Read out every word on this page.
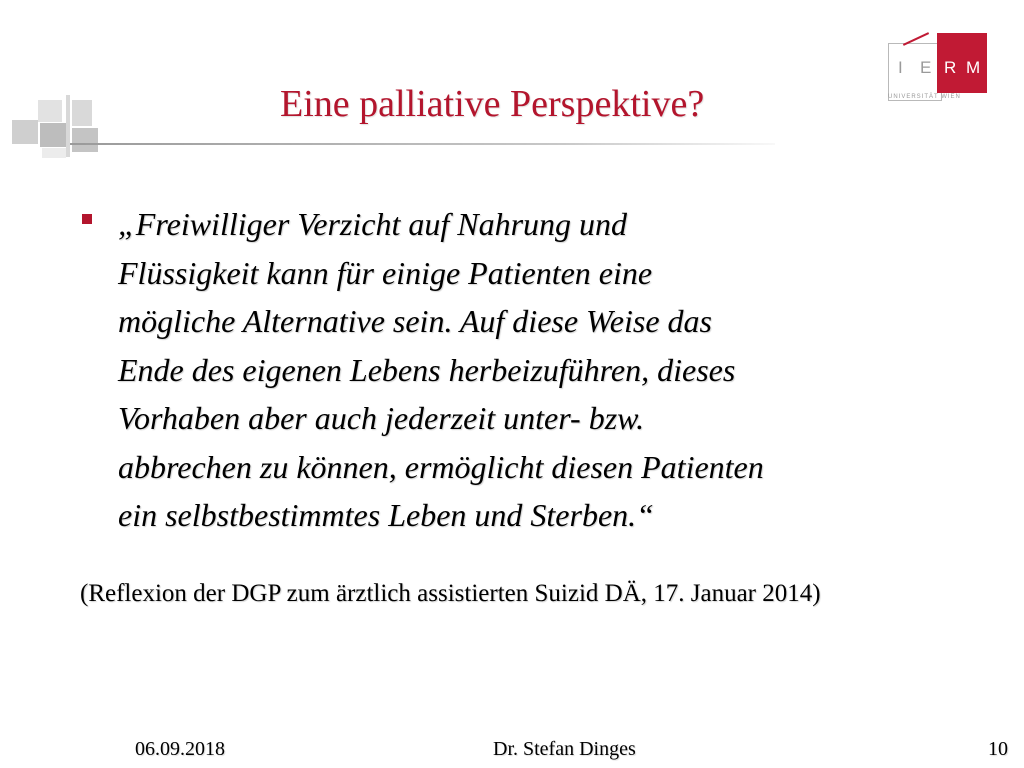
Eine palliative Perspektive?
I E R M
UNIVERSITÄT WIEN

„Freiwilliger Verzicht auf Nahrung und
Flüssigkeit kann für einige Patienten eine
mögliche Alternative sein. Auf diese Weise das
Ende des eigenen Lebens herbeizuführen, dieses
Vorhaben aber auch jederzeit unter- bzw.
abbrechen zu können, ermöglicht diesen Patienten
ein selbstbestimmtes Leben und Sterben.“

(Reflexion der DGP zum ärztlich assistierten Suizid DÄ, 17. Januar 2014)
06.09.2018	Dr. Stefan Dinges	10
